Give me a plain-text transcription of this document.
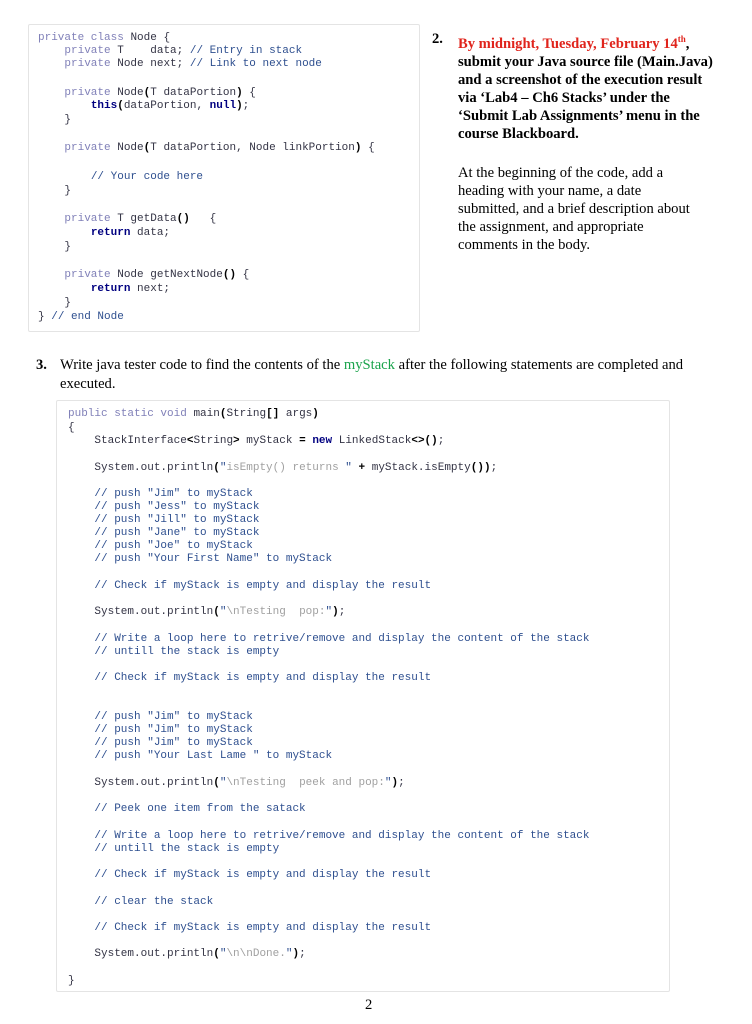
private class Node {
private T    data; // Entry in stack
private Node next; // Link to next node
private Node(T dataPortion) {
this(dataPortion, null);
}
private Node(T dataPortion, Node linkPortion) {
// Your code here
}
private T getData() {
return data;
}
private Node getNextNode() {
return next;
}
} // end Node
2. By midnight, Tuesday, February 14th, submit your Java source file (Main.Java) and a screenshot of the execution result via ‘Lab4 – Ch6 Stacks’ under the ‘Submit Lab Assignments’ menu in the course Blackboard.
At the beginning of the code, add a heading with your name, a date submitted, and a brief description about the assignment, and appropriate comments in the body.
3. Write java tester code to find the contents of the myStack after the following statements are completed and executed.
public static void main(String[] args)
{
StackInterface<String> myStack = new LinkedStack<>();
System.out.println("isEmpty() returns " + myStack.isEmpty());
// push "Jim" to myStack
// push "Jess" to myStack
// push "Jill" to myStack
// push "Jane" to myStack
// push "Joe" to myStack
// push "Your First Name" to myStack
// Check if myStack is empty and display the result
System.out.println("\nTesting  pop:");
// Write a loop here to retrive/remove and display the content of the stack
// untill the stack is empty
// Check if myStack is empty and display the result
// push "Jim" to myStack
// push "Jim" to myStack
// push "Jim" to myStack
// push "Your Last Lame " to myStack
System.out.println("\nTesting  peek and pop:");
// Peek one item from the satack
// Write a loop here to retrive/remove and display the content of the stack
// untill the stack is empty
// Check if myStack is empty and display the result
// clear the stack
// Check if myStack is empty and display the result
System.out.println("\n\nDone.");
}
2
